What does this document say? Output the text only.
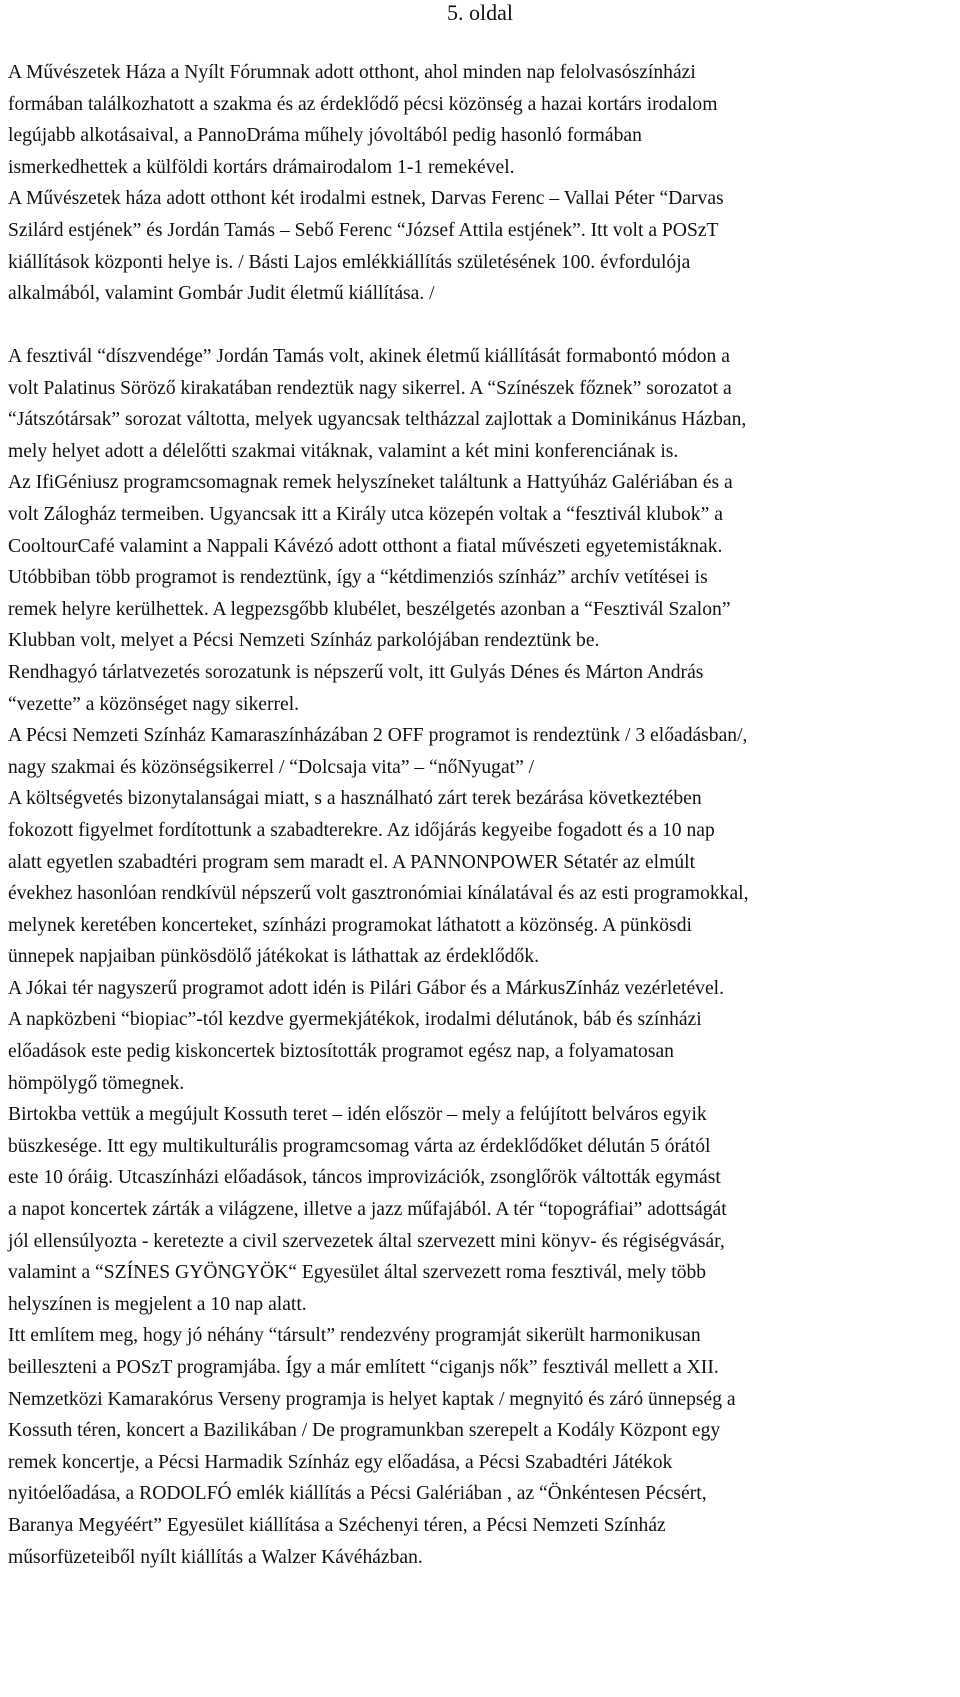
5. oldal

A Művészetek Háza a Nyílt Fórumnak adott otthont, ahol minden nap felolvasószínházi
formában találkozhatott a szakma és az érdeklődő pécsi közönség a hazai kortárs irodalom
legújabb alkotásaival, a PannoDráma műhely jóvoltából pedig hasonló formában
ismerkedhettek a külföldi kortárs drámairodalom 1-1 remekével.
A Művészetek háza adott otthont két irodalmi estnek, Darvas Ferenc – Vallai Péter “Darvas
Szilárd estjének” és Jordán Tamás – Sebő Ferenc “József Attila estjének”. Itt volt a POSzT
kiállítások központi helye is. / Básti Lajos emlékkiállítás születésének 100. évfordulója
alkalmából, valamint Gombár Judit életmű kiállítása. /
A fesztivál “díszvendége” Jordán Tamás volt, akinek életmű kiállítását formabontó módon a
volt Palatinus Söröző kirakatában rendeztük nagy sikerrel. A “Színészek főznek” sorozatot a
“Játszótársak” sorozat váltotta, melyek ugyancsak teltházzal zajlottak a Dominikánus Házban,
mely helyet adott a délelőtti szakmai vitáknak, valamint a két mini konferenciának is.
Az IfiGéniusz programcsomagnak remek helyszíneket találtunk a Hattyúház Galériában és a
volt Zálogház termeiben. Ugyancsak itt a Király utca közepén voltak a “fesztivál klubok” a
CooltourCafé valamint a Nappali Kávézó adott otthont a fiatal művészeti egyetemistáknak.
Utóbbiban több programot is rendeztünk, így a “kétdimenziós színház” archív vetítései is
remek helyre kerülhettek. A legpezsgőbb klubélet, beszélgetés azonban a “Fesztivál Szalon”
Klubban volt, melyet a Pécsi Nemzeti Színház parkolójában rendeztünk be.
Rendhagyó tárlatvezetés sorozatunk is népszerű volt, itt Gulyás Dénes és Márton András
“vezette” a közönséget nagy sikerrel.
A Pécsi Nemzeti Színház Kamaraszínházában 2 OFF programot is rendeztünk / 3 előadásban/,
nagy szakmai és közönségsikerrel / “Dolcsaja vita” – “nőNyugat” /
A költségvetés bizonytalanságai miatt, s a használható zárt terek bezárása következtében
fokozott figyelmet fordítottunk a szabadterekre. Az időjárás kegyeibe fogadott és a 10 nap
alatt egyetlen szabadtéri program sem maradt el. A PANNONPOWER Sétatér az elmúlt
évekhez hasonlóan rendkívül népszerű volt gasztronómiai kínálatával és az esti programokkal,
melynek keretében koncerteket, színházi programokat láthatott a közönség. A pünkösdi
ünnepek napjaiban pünkösdölő játékokat is láthattak az érdeklődők.
A Jókai tér nagyszerű programot adott idén is Pilári Gábor és a MárkusZínház vezérletével.
A napközbeni “biopiac”-tól kezdve gyermekjátékok, irodalmi délutánok, báb és színházi
előadások este pedig kiskoncertek biztosították programot egész nap, a folyamatosan
hömpölygő tömegnek.
Birtokba vettük a megújult Kossuth teret – idén először – mely a felújított belváros egyik
büszkesége. Itt egy multikulturális programcsomag várta az érdeklődőket délután 5 órától
este 10 óráig. Utcaszínházi előadások, táncos improvizációk, zsonglőrök váltották egymást
a napot koncertek zárták a világzene, illetve a jazz műfajából. A tér “topográfiai” adottságát
jól ellensúlyozta - keretezte a civil szervezetek által szervezett mini könyv- és régiségvásár,
valamint a “SZÍNES GYÖNGYÖK“ Egyesület által szervezett roma fesztivál, mely több
helyszínen is megjelent a 10 nap alatt.
Itt említem meg, hogy jó néhány “társult” rendezvény programját sikerült harmonikusan
beilleszteni a POSzT programjába. Így a már említett “ciganjs nők” fesztivál mellett a XII.
Nemzetközi Kamarakórus Verseny programja is helyet kaptak / megnyitó és záró ünnepség a
Kossuth téren, koncert a Bazilikában / De programunkban szerepelt a Kodály Központ egy
remek koncertje, a Pécsi Harmadik Színház egy előadása, a Pécsi Szabadtéri Játékok
nyitóelőadása, a RODOLFÓ emlék kiállítás a Pécsi Galériában , az “Önkéntesen Pécsért,
Baranya Megyéért” Egyesület kiállítása a Széchenyi téren, a Pécsi Nemzeti Színház
műsorfüzeteiből nyílt kiállítás a Walzer Kávéházban.
